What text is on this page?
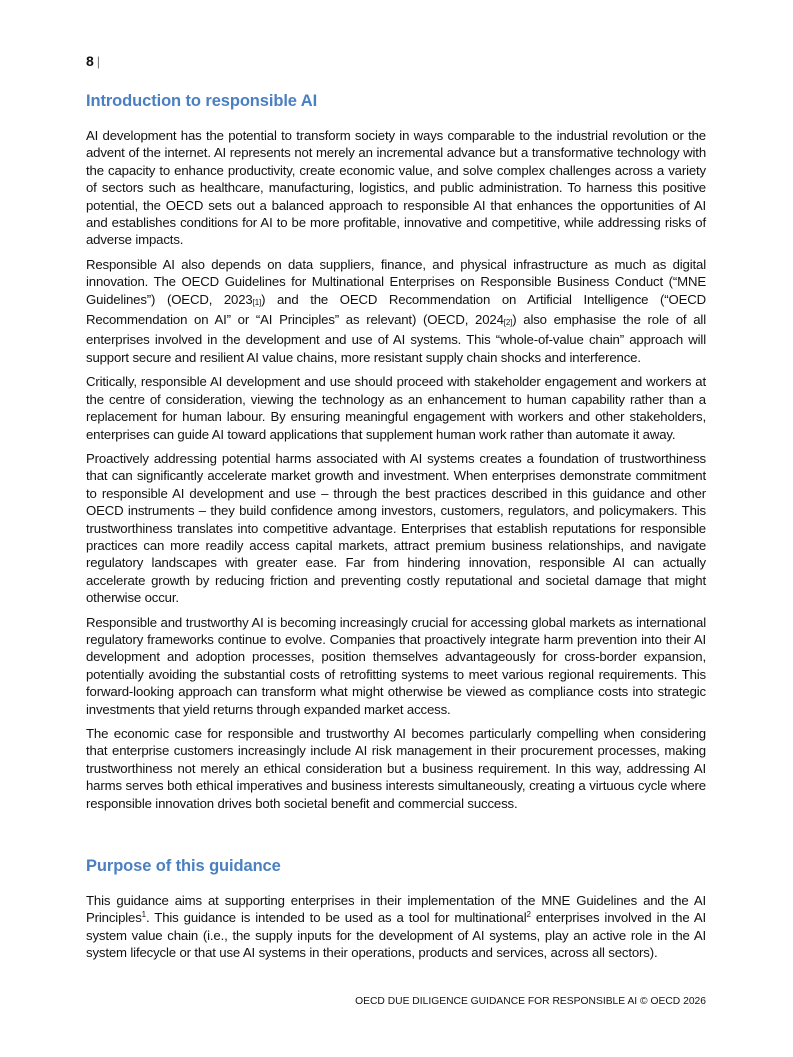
8 |
Introduction to responsible AI

AI development has the potential to transform society in ways comparable to the industrial revolution or the advent of the internet. AI represents not merely an incremental advance but a transformative technology with the capacity to enhance productivity, create economic value, and solve complex challenges across a variety of sectors such as healthcare, manufacturing, logistics, and public administration. To harness this positive potential, the OECD sets out a balanced approach to responsible AI that enhances the opportunities of AI and establishes conditions for AI to be more profitable, innovative and competitive, while addressing risks of adverse impacts.

Responsible AI also depends on data suppliers, finance, and physical infrastructure as much as digital innovation. The OECD Guidelines for Multinational Enterprises on Responsible Business Conduct (“MNE Guidelines”) (OECD, $2023_{[1]}$) and the OECD Recommendation on Artificial Intelligence (“OECD Recommendation on AI” or “AI Principles” as relevant) (OECD, $2024_{[2]}$) also emphasise the role of all enterprises involved in the development and use of AI systems. This “whole-of-value chain” approach will support secure and resilient AI value chains, more resistant supply chain shocks and interference.

Critically, responsible AI development and use should proceed with stakeholder engagement and workers at the centre of consideration, viewing the technology as an enhancement to human capability rather than a replacement for human labour. By ensuring meaningful engagement with workers and other stakeholders, enterprises can guide AI toward applications that supplement human work rather than automate it away.

Proactively addressing potential harms associated with AI systems creates a foundation of trustworthiness that can significantly accelerate market growth and investment. When enterprises demonstrate commitment to responsible AI development and use – through the best practices described in this guidance and other OECD instruments – they build confidence among investors, customers, regulators, and policymakers. This trustworthiness translates into competitive advantage. Enterprises that establish reputations for responsible practices can more readily access capital markets, attract premium business relationships, and navigate regulatory landscapes with greater ease. Far from hindering innovation, responsible AI can actually accelerate growth by reducing friction and preventing costly reputational and societal damage that might otherwise occur.

Responsible and trustworthy AI is becoming increasingly crucial for accessing global markets as international regulatory frameworks continue to evolve. Companies that proactively integrate harm prevention into their AI development and adoption processes, position themselves advantageously for cross-border expansion, potentially avoiding the substantial costs of retrofitting systems to meet various regional requirements. This forward-looking approach can transform what might otherwise be viewed as compliance costs into strategic investments that yield returns through expanded market access.

The economic case for responsible and trustworthy AI becomes particularly compelling when considering that enterprise customers increasingly include AI risk management in their procurement processes, making trustworthiness not merely an ethical consideration but a business requirement. In this way, addressing AI harms serves both ethical imperatives and business interests simultaneously, creating a virtuous cycle where responsible innovation drives both societal benefit and commercial success.

Purpose of this guidance

This guidance aims at supporting enterprises in their implementation of the MNE Guidelines and the AI Principles$^1$. This guidance is intended to be used as a tool for multinational$^2$ enterprises involved in the AI system value chain (i.e., the supply inputs for the development of AI systems, play an active role in the AI system lifecycle or that use AI systems in their operations, products and services, across all sectors).

OECD DUE DILIGENCE GUIDANCE FOR RESPONSIBLE AI © OECD 2026
